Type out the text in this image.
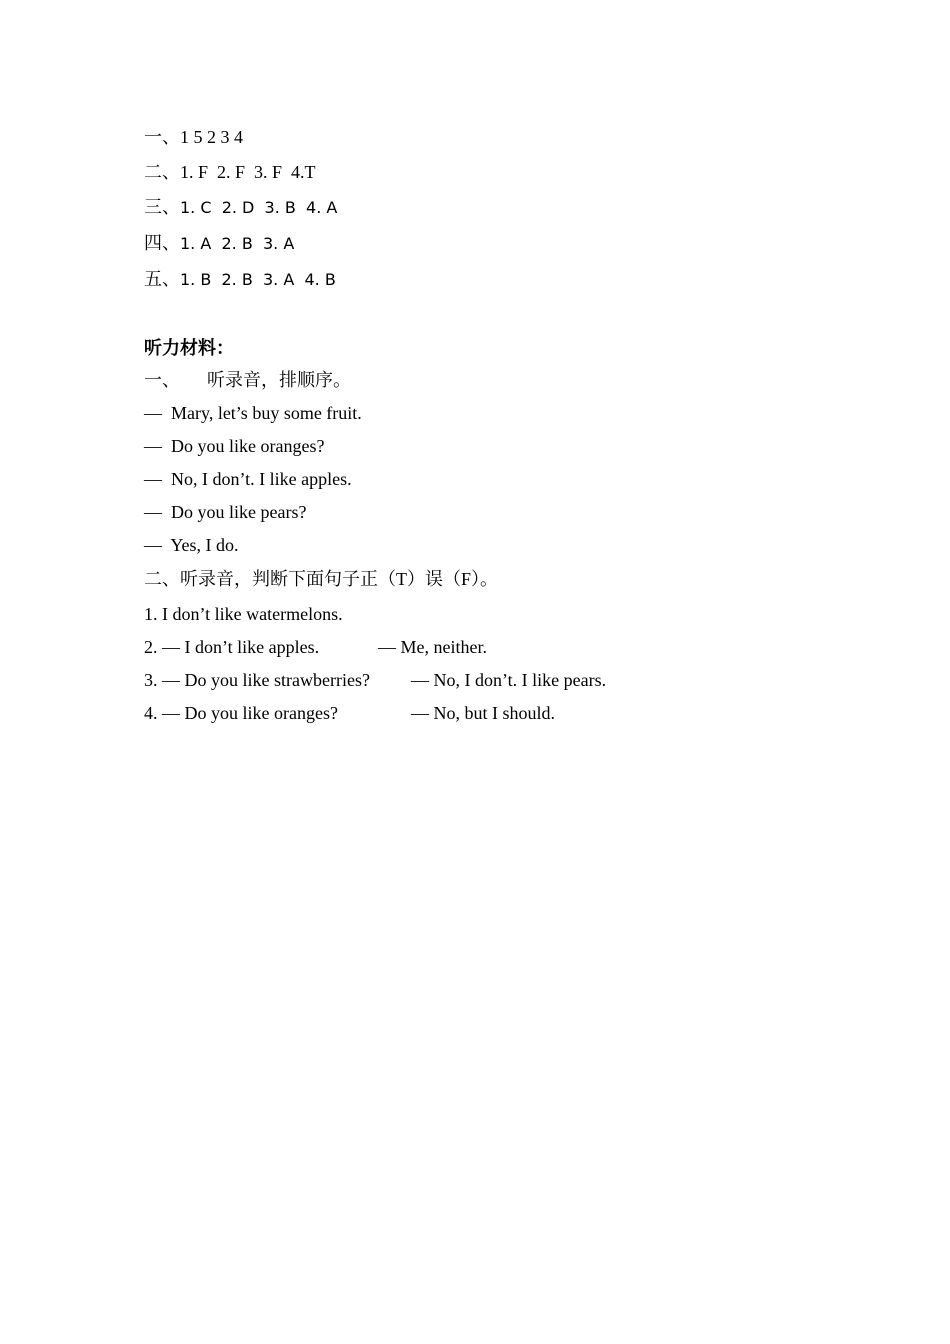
一、1 5 2 3 4
二、1. F  2. F  3. F  4.T
三、1. C  2. D  3. B  4. A
四、1. A  2. B  3. A
五、1. B  2. B  3. A  4. B
听力材料：
一、      听录音，排顺序。
—  Mary, let’s buy some fruit.
—  Do you like oranges?
—  No, I don’t. I like apples.
—  Do you like pears?
—  Yes, I do.
二、听录音，判断下面句子正（T）误（F）。
1. I don’t like watermelons.
2. — I don’t like apples.	— Me, neither.
3. — Do you like strawberries? — No, I don’t. I like pears.
4. — Do you like oranges?	— No, but I should.
